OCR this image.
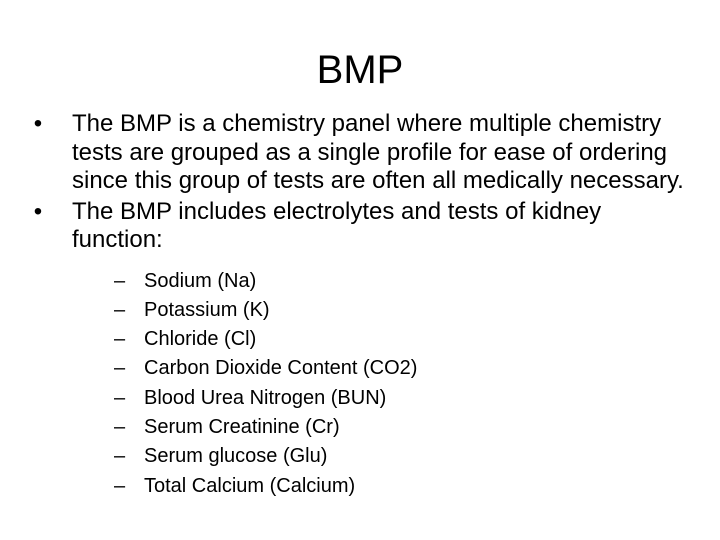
BMP
• The BMP is a chemistry panel where multiple chemistry tests are grouped as a single profile for ease of ordering since this group of tests are often all medically necessary.
• The BMP includes electrolytes and tests of kidney function:
– Sodium (Na)
– Potassium (K)
– Chloride (Cl)
– Carbon Dioxide Content (CO2)
– Blood Urea Nitrogen (BUN)
– Serum Creatinine (Cr)
– Serum glucose (Glu)
– Total Calcium (Calcium)
